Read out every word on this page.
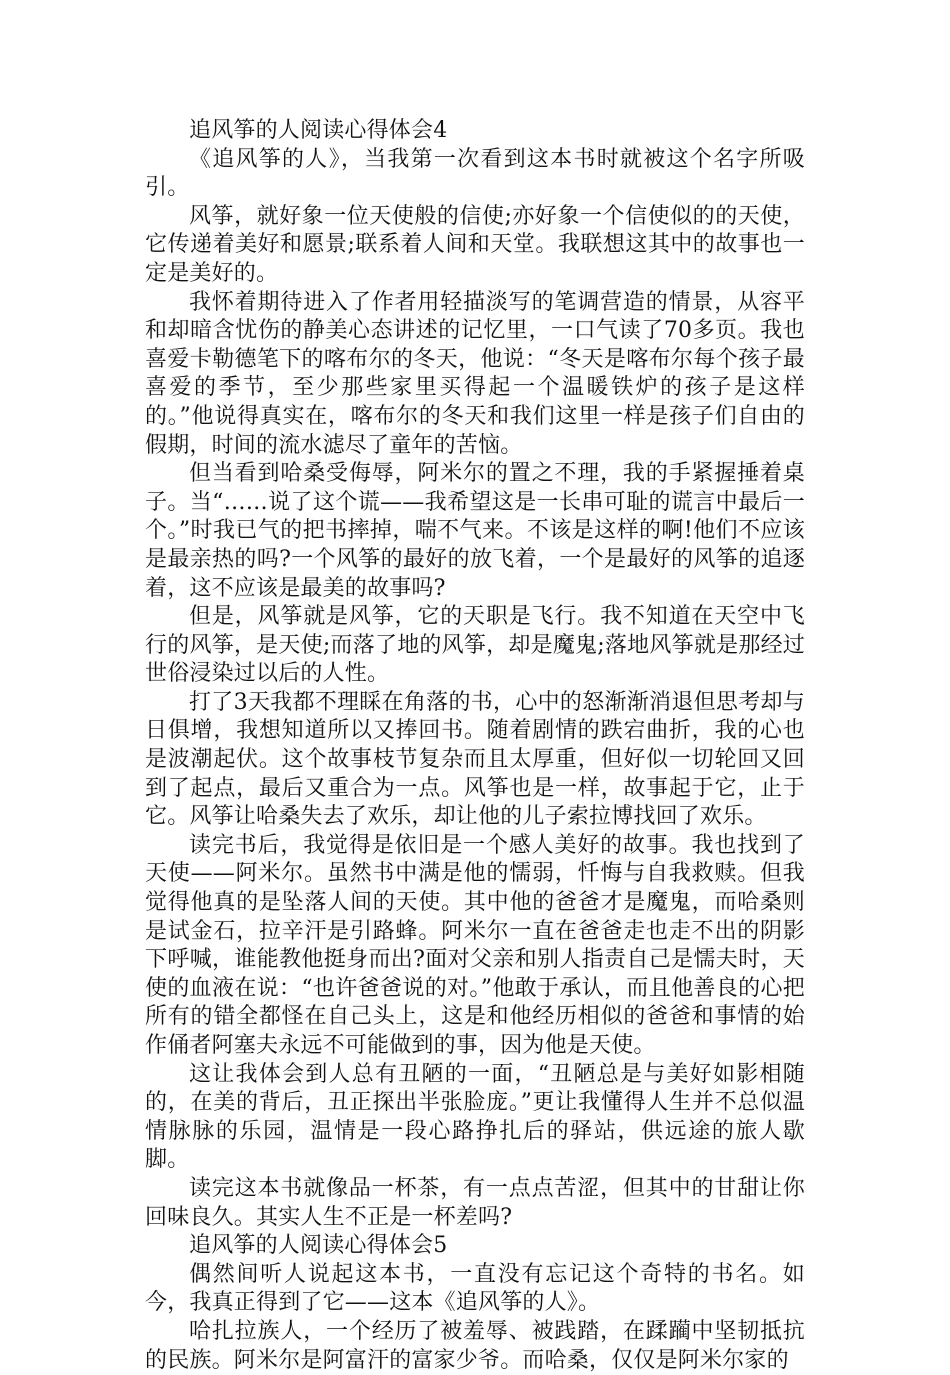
追风筝的人阅读心得体会4

《追风筝的人》，当我第一次看到这本书时就被这个名字所吸引。

风筝，就好象一位天使般的信使;亦好象一个信使似的的天使，它传递着美好和愿景;联系着人间和天堂。我联想这其中的故事也一定是美好的。

我怀着期待进入了作者用轻描淡写的笔调营造的情景，从容平和却暗含忧伤的静美心态讲述的记忆里，一口气读了70多页。我也喜爱卡勒德笔下的喀布尔的冬天，他说：“冬天是喀布尔每个孩子最喜爱的季节，至少那些家里买得起一个温暖铁炉的孩子是这样的。”他说得真实在，喀布尔的冬天和我们这里一样是孩子们自由的假期，时间的流水滤尽了童年的苦恼。

但当看到哈桑受侮辱，阿米尔的置之不理，我的手紧握捶着桌子。当“……说了这个谎——我希望这是一长串可耻的谎言中最后一个。”时我已气的把书摔掉，喘不气来。不该是这样的啊!他们不应该是最亲热的吗?一个风筝的最好的放飞着，一个是最好的风筝的追逐着，这不应该是最美的故事吗?

但是，风筝就是风筝，它的天职是飞行。我不知道在天空中飞行的风筝，是天使;而落了地的风筝，却是魔鬼;落地风筝就是那经过世俗浸染过以后的人性。

打了3天我都不理睬在角落的书，心中的怒渐渐消退但思考却与日俱增，我想知道所以又捧回书。随着剧情的跌宕曲折，我的心也是波潮起伏。这个故事枝节复杂而且太厚重，但好似一切轮回又回到了起点，最后又重合为一点。风筝也是一样，故事起于它，止于它。风筝让哈桑失去了欢乐，却让他的儿子索拉博找回了欢乐。

读完书后，我觉得是依旧是一个感人美好的故事。我也找到了天使——阿米尔。虽然书中满是他的懦弱，忏悔与自我救赎。但我觉得他真的是坠落人间的天使。其中他的爸爸才是魔鬼，而哈桑则是试金石，拉辛汗是引路蜂。阿米尔一直在爸爸走也走不出的阴影下呼喊，谁能教他挺身而出?面对父亲和别人指责自己是懦夫时，天使的血液在说：“也许爸爸说的对。”他敢于承认，而且他善良的心把所有的错全都怪在自己头上，这是和他经历相似的爸爸和事情的始作俑者阿塞夫永远不可能做到的事，因为他是天使。

这让我体会到人总有丑陋的一面，“丑陋总是与美好如影相随的，在美的背后，丑正探出半张脸庞。”更让我懂得人生并不总似温情脉脉的乐园，温情是一段心路挣扎后的驿站，供远途的旅人歇脚。

读完这本书就像品一杯茶，有一点点苦涩，但其中的甘甜让你回味良久。其实人生不正是一杯差吗?

追风筝的人阅读心得体会5

偶然间听人说起这本书，一直没有忘记这个奇特的书名。如今，我真正得到了它——这本《追风筝的人》。

哈扎拉族人，一个经历了被羞辱、被践踏，在蹂躏中坚韧抵抗的民族。阿米尔是阿富汗的富家少爷。而哈桑，仅仅是阿米尔家的
